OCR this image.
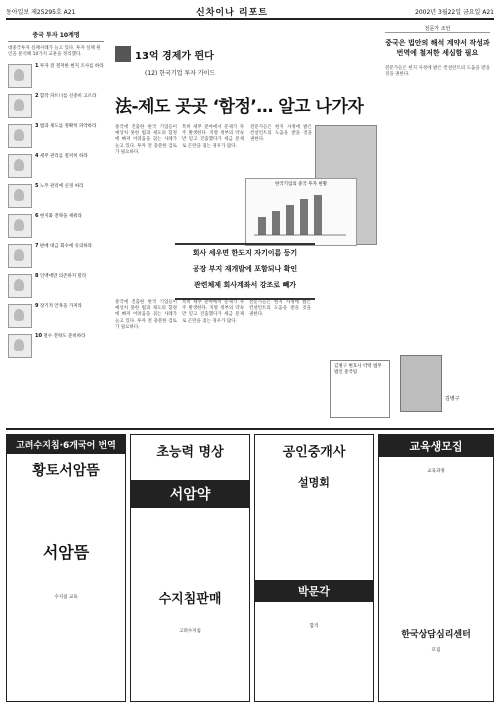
동아일보 제25295호 A21	신차이나 리포트	2002년 3월22일 금요일 A21
중국 투자 10계명
대중국투자 실패사례가 늘고 있다. 투자 실패 원인을 분석해 10가지 교훈을 정리했다.
1 투자 전 철저한 현지 조사를 하라
2 합작 파트너를 신중히 고르라
3 법과 제도를 정확히 파악하라
4 세무 관리를 철저히 하라
5 노무 관리에 신경 써라
6 현지화 전략을 세워라
7 판매 대금 회수에 유의하라
8 인맥에만 의존하지 말라
9 장기적 안목을 가져라
10 철수 전략도 준비하라
13억 경제가 뛴다
(12) 한국기업 투자 가이드
法-제도 곳곳 ‘함정’… 알고 나가자
중국에 진출한 한국 기업들이 예상치 못한 법과 제도의 함정에 빠져 어려움을 겪는 사례가 늘고 있다. 투자 전 충분한 검토가 필요하다.
특히 세무 분야에서 문제가 자주 발생한다. 지방 정부의 약속만 믿고 진출했다가 세금 문제로 곤란을 겪는 경우가 많다.
전문가들은 현지 사정에 밝은 컨설턴트의 도움을 받을 것을 권한다.
한국기업의 중국 투자 현황
회사 세우면 한도지 자기이름 등기
공장 부지 재개발에 포함되나 확인
관련체제 회사계좌서 강조로 빼가
중국에 진출한 한국 기업들이 예상치 못한 법과 제도의 함정에 빠져 어려움을 겪는 사례가 늘고 있다. 투자 전 충분한 검토가 필요하다.
특히 세무 분야에서 문제가 자주 발생한다. 지방 정부의 약속만 믿고 진출했다가 세금 문제로 곤란을 겪는 경우가 많다.
전문가들은 현지 사정에 밝은 컨설턴트의 도움을 받을 것을 권한다.
전문가 조언
중국은 법안의 해석 계약서 작성과 번역에 철저한 세심함 필요
전문가들은 현지 사정에 밝은 컨설턴트의 도움을 받을 것을 권한다.
김병구 변호사 약력 법무법인 중국팀
김병구
고려수지침·6개국어 번역
황토서암뜸
서암뜸
수지침 교육
초능력 명상
서암약
수지침판매
고려수지침
공인중개사
설명회
박문각
합격
교육생모집
교육과정
한국상담심리센터
모집
